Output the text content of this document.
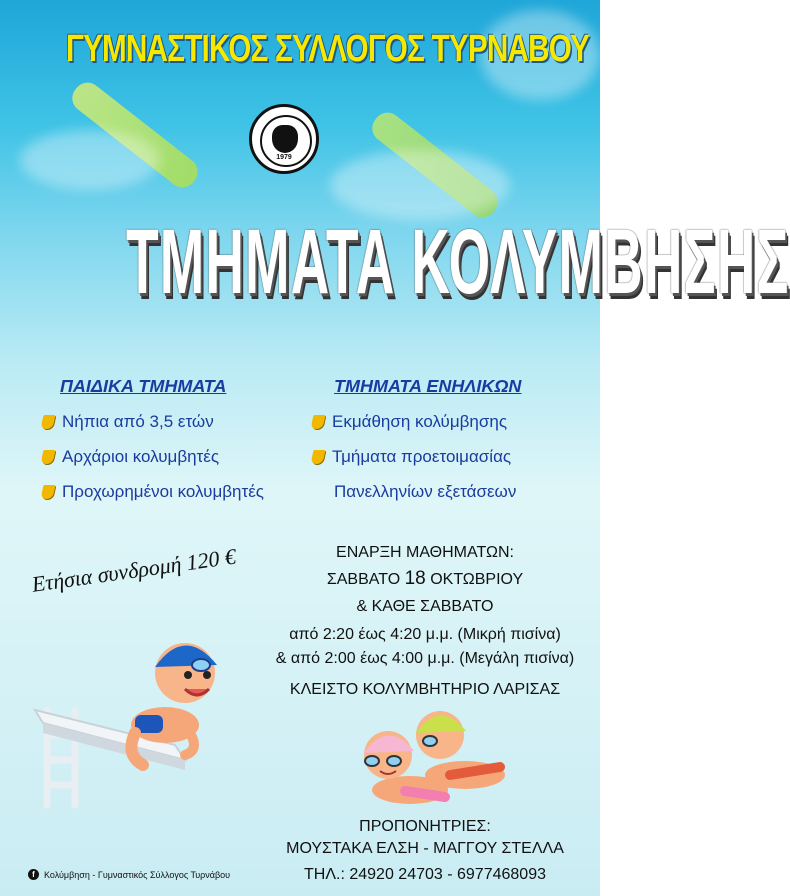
ΓΥΜΝΑΣΤΙΚΟΣ ΣΥΛΛΟΓΟΣ ΤΥΡΝΑΒΟΥ
1979
ΤΜΗΜΑΤΑ ΚΟΛΥΜΒΗΣΗΣ
ΠΑΙΔΙΚΑ ΤΜΗΜΑΤΑ
Νήπια από 3,5 ετών
Αρχάριοι κολυμβητές
Προχωρημένοι κολυμβητές
ΤΜΗΜΑΤΑ ΕΝΗΛΙΚΩΝ
Εκμάθηση κολύμβησης
Τμήματα προετοιμασίας
Πανελληνίων εξετάσεων
Ετήσια συνδρομή 120 €	ΕΝΑΡΞΗ ΜΑΘΗΜΑΤΩΝ:
ΣΑΒΒΑΤΟ 18 ΟΚΤΩΒΡΙΟΥ
& ΚΑΘΕ ΣΑΒΒΑΤΟ
από 2:20 έως 4:20 μ.μ. (Μικρή πισίνα)
& από 2:00 έως 4:00 μ.μ. (Μεγάλη πισίνα)
ΚΛΕΙΣΤΟ ΚΟΛΥΜΒΗΤΗΡΙΟ ΛΑΡΙΣΑΣ
ΠΡΟΠΟΝΗΤΡΙΕΣ:
ΜΟΥΣΤΑΚΑ ΕΛΣΗ - ΜΑΓΓΟΥ ΣΤΕΛΛΑ
ΤΗΛ.: 24920 24703 - 6977468093
f	Κολύμβηση - Γυμναστικός Σύλλογος Τυρνάβου
